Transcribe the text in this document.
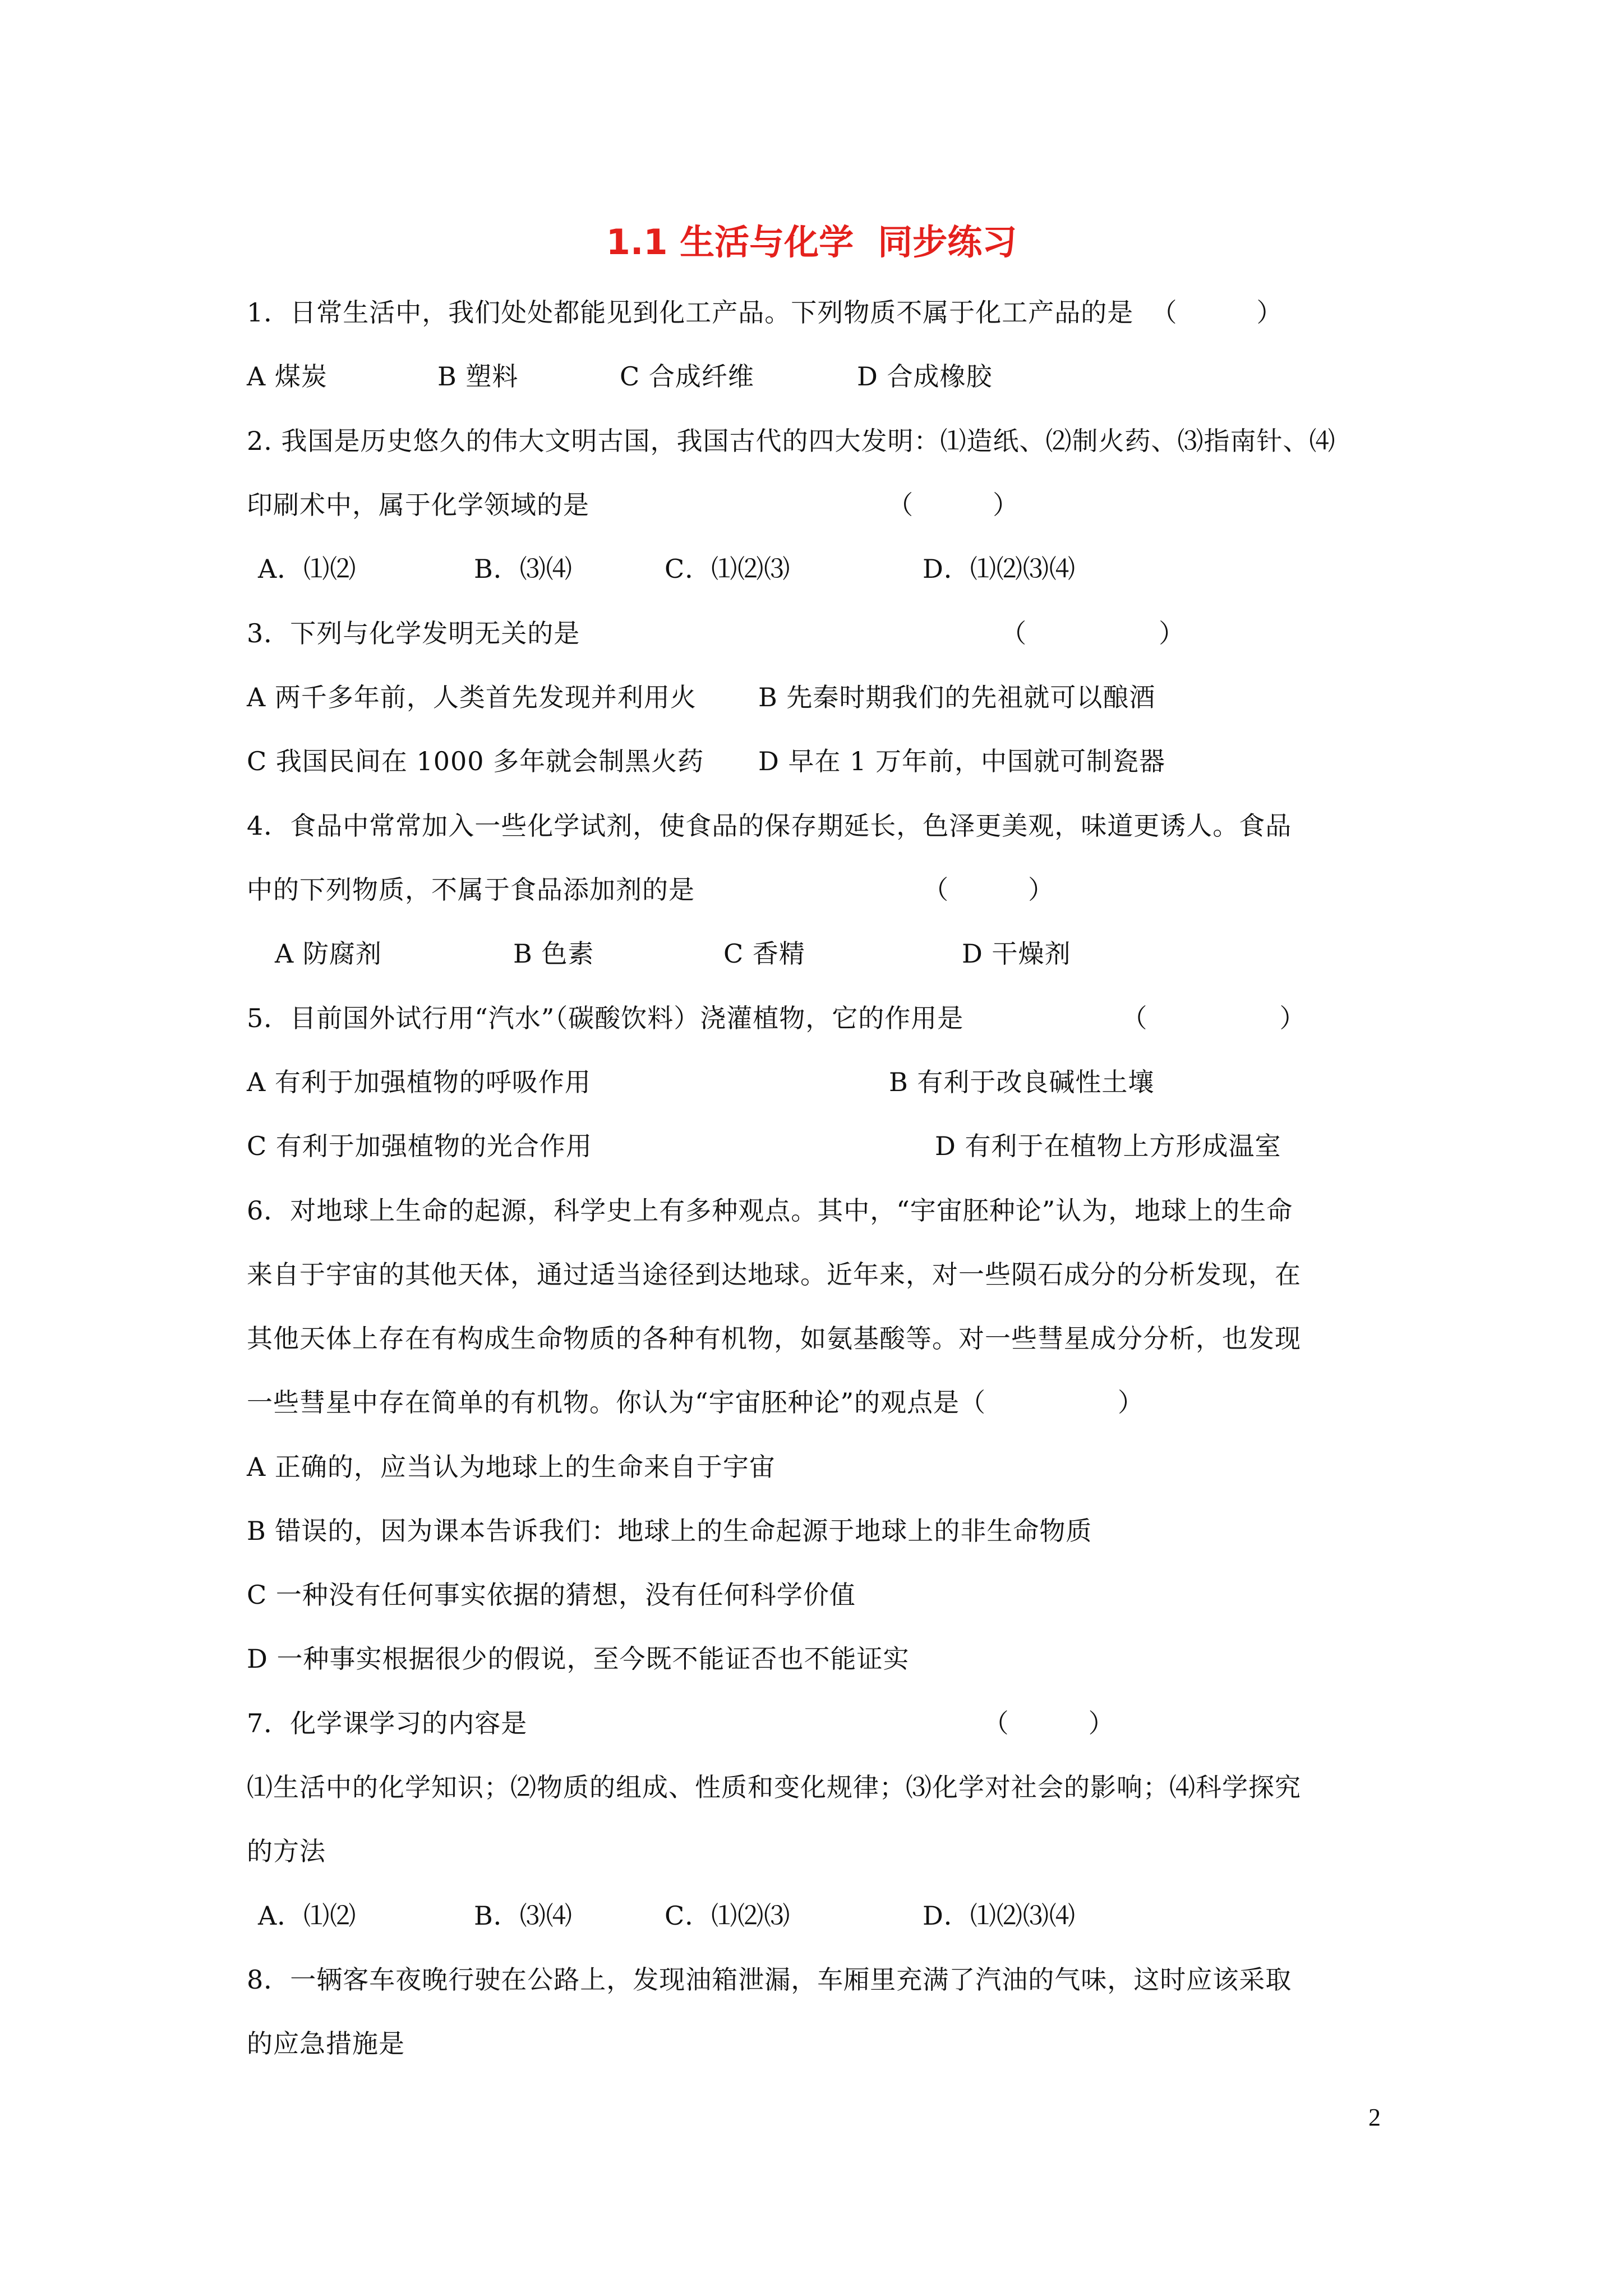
1.1 生活与化学  同步练习
1．日常生活中，我们处处都能见到化工产品。下列物质不属于化工产品的是  （　　　）
A 煤炭	B 塑料	C 合成纤维	D 合成橡胶
2. 我国是历史悠久的伟大文明古国，我国古代的四大发明：⑴造纸、⑵制火药、⑶指南针、⑷
印刷术中，属于化学领域的是                                  （　　　）
A．⑴⑵	B．⑶⑷	C．⑴⑵⑶	D．⑴⑵⑶⑷
3．下列与化学发明无关的是                                                （　　　　　）
A 两千多年前，人类首先发现并利用火 B 先秦时期我们的先祖就可以酿酒
C 我国民间在 1000 多年就会制黑火药 D 早在 1 万年前，中国就可制瓷器
4．食品中常常加入一些化学试剂，使食品的保存期延长，色泽更美观，味道更诱人。食品
中的下列物质，不属于食品添加剂的是                          （　　　）
A 防腐剂	B 色素	C 香精	D 干燥剂
5．目前国外试行用“汽水”（碳酸饮料）浇灌植物，它的作用是                  （　　　　　）
A 有利于加强植物的呼吸作用	B 有利于改良碱性土壤
C 有利于加强植物的光合作用	D 有利于在植物上方形成温室
6．对地球上生命的起源，科学史上有多种观点。其中，“宇宙胚种论”认为，地球上的生命
来自于宇宙的其他天体，通过适当途径到达地球。近年来，对一些陨石成分的分析发现，在
其他天体上存在有构成生命物质的各种有机物，如氨基酸等。对一些彗星成分分析，也发现
一些彗星中存在简单的有机物。你认为“宇宙胚种论”的观点是（　　　　　）
A 正确的，应当认为地球上的生命来自于宇宙
B 错误的，因为课本告诉我们：地球上的生命起源于地球上的非生命物质
C 一种没有任何事实依据的猜想，没有任何科学价值
D 一种事实根据很少的假说，至今既不能证否也不能证实
7．化学课学习的内容是                                                    （　　　）
⑴生活中的化学知识；⑵物质的组成、性质和变化规律；⑶化学对社会的影响；⑷科学探究
的方法
A．⑴⑵	B．⑶⑷	C．⑴⑵⑶	D．⑴⑵⑶⑷
8．一辆客车夜晚行驶在公路上，发现油箱泄漏，车厢里充满了汽油的气味，这时应该采取
的应急措施是
2
